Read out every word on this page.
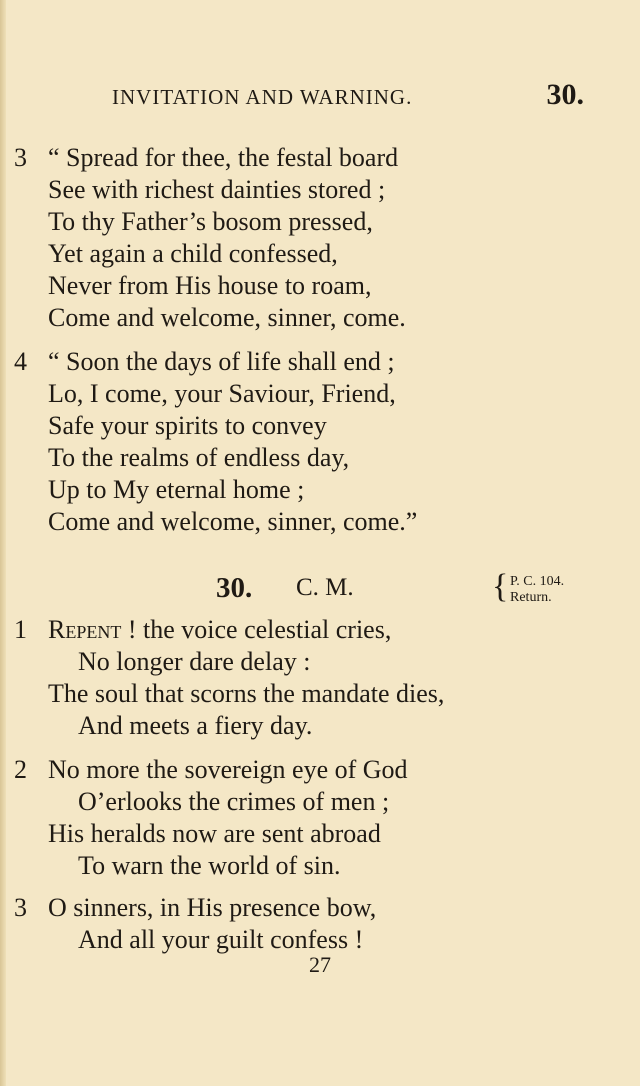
INVITATION AND WARNING.	30.
3 “ Spread for thee, the festal board
See with richest dainties stored ;
To thy Father’s bosom pressed,
Yet again a child confessed,
Never from His house to roam,
Come and welcome, sinner, come.
4 “ Soon the days of life shall end ;
Lo, I come, your Saviour, Friend,
Safe your spirits to convey
To the realms of endless day,
Up to My eternal home ;
Come and welcome, sinner, come.”
30. C. M.	{ P. C. 104.
Return.
1 Repent ! the voice celestial cries,
No longer dare delay :
The soul that scorns the mandate dies,
And meets a fiery day.
2 No more the sovereign eye of God
O’erlooks the crimes of men ;
His heralds now are sent abroad
To warn the world of sin.
3 O sinners, in His presence bow,
And all your guilt confess !
27
